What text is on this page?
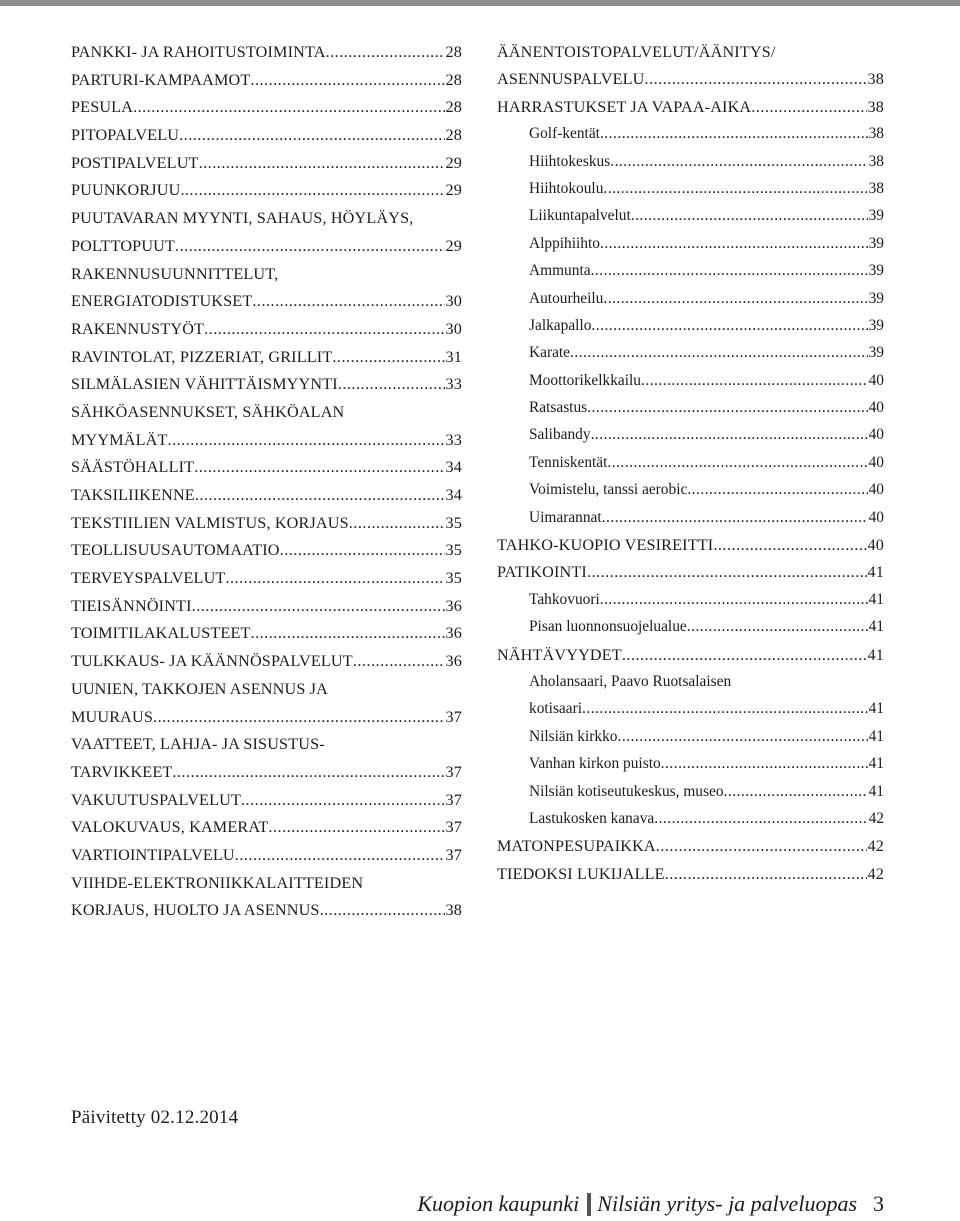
PANKKI- JA RAHOITUSTOIMINTA .....	28
PARTURI-KAMPAAMOT .....	28
PESULA .....	28
PITOPALVELU .....	28
POSTIPALVELUT .....	29
PUUNKORJUU .....	29
PUUTAVARAN MYYNTI, SAHAUS, HÖYLÄYS,
POLTTOPUUT .....	29
RAKENNUSUUNNITTELUT,
ENERGIATODISTUKSET .....	30
RAKENNUSTYÖT .....	30
RAVINTOLAT, PIZZERIAT, GRILLIT .....	31
SILMÄLASIEN VÄHITTÄISMYYNTI .....	33
SÄHKÖASENNUKSET, SÄHKÖALAN
MYYMÄLÄT .....	33
SÄÄSTÖHALLIT .....	34
TAKSILIIKENNE .....	34
TEKSTIILIEN VALMISTUS, KORJAUS .....	35
TEOLLISUUSAUTOMAATIO .....	35
TERVEYSPALVELUT .....	35
TIEISÄNNÖINTI .....	36
TOIMITILAKALUSTEET .....	36
TULKKAUS- JA KÄÄNNÖSPALVELUT .....	36
UUNIEN, TAKKOJEN ASENNUS JA
MUURAUS .....	37
VAATTEET, LAHJA- JA SISUSTUS-
TARVIKKEET .....	37
VAKUUTUSPALVELUT .....	37
VALOKUVAUS, KAMERAT .....	37
VARTIOINTIPALVELU .....	37
VIIHDE-ELEKTRONIIKKALAITTEIDEN
KORJAUS, HUOLTO JA ASENNUS .....	38
ÄÄNENTOISTOPALVELUT/ÄÄNITYS/
ASENNUSPALVELU .....	38
HARRASTUKSET JA VAPAA-AIKA .....	38
Golf-kentät .....	38
Hiihtokeskus .....	38
Hiihtokoulu .....	38
Liikuntapalvelut .....	39
Alppihiihto .....	39
Ammunta .....	39
Autourheilu .....	39
Jalkapallo .....	39
Karate .....	39
Moottorikelkkailu .....	40
Ratsastus .....	40
Salibandy .....	40
Tenniskentät .....	40
Voimistelu, tanssi aerobic .....	40
Uimarannat .....	40
TAHKO-KUOPIO VESIREITTI .....	40
PATIKOINTI .....	41
Tahkovuori .....	41
Pisan luonnonsuojelualue .....	41
NÄHTÄVYYDET .....	41
Aholansaari, Paavo Ruotsalaisen
kotisaari .....	41
Nilsiän kirkko .....	41
Vanhan kirkon puisto .....	41
Nilsiän kotiseutukeskus, museo .....	41
Lastukosken kanava .....	42
MATONPESUPAIKKA .....	42
TIEDOKSI LUKIJALLE .....	42
Päivitetty 02.12.2014
Kuopion kaupunki Nilsiän yritys- ja palveluopas 3
